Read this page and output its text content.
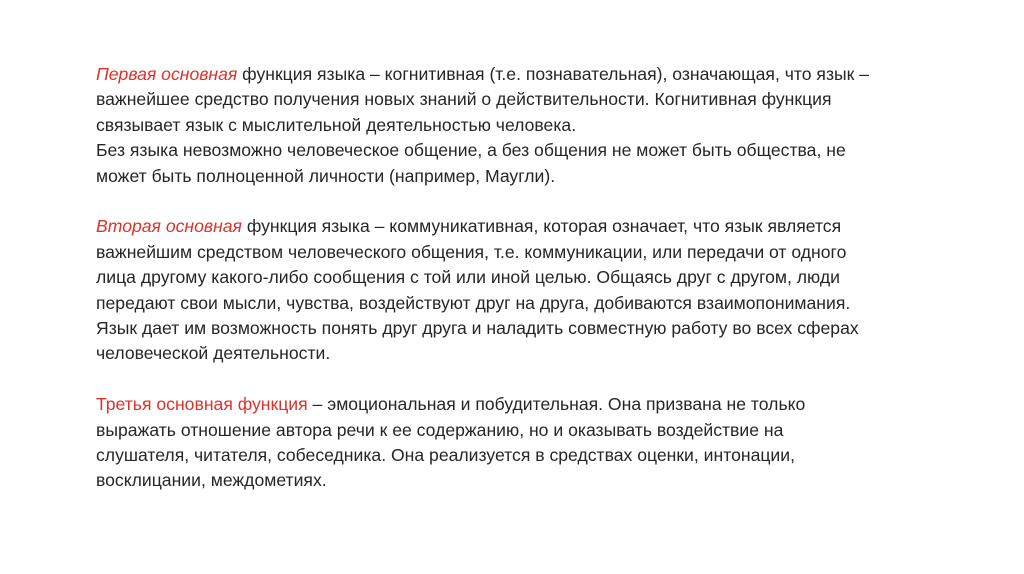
Первая основная функция языка – когнитивная (т.е. познавательная), означающая, что язык –
важнейшее средство получения новых знаний о действительности. Когнитивная функция
связывает язык с мыслительной деятельностью человека.
Без языка невозможно человеческое общение, а без общения не может быть общества, не
может быть полноценной личности (например, Маугли).
Вторая основная функция языка – коммуникативная, которая означает, что язык является
важнейшим средством человеческого общения, т.е. коммуникации, или передачи от одного
лица другому какого-либо сообщения с той или иной целью. Общаясь друг с другом, люди
передают свои мысли, чувства, воздействуют друг на друга, добиваются взаимопонимания.
Язык дает им возможность понять друг друга и наладить совместную работу во всех сферах
человеческой деятельности.
Третья основная функция – эмоциональная и побудительная. Она призвана не только
выражать отношение автора речи к ее содержанию, но и оказывать воздействие на
слушателя, читателя, собеседника. Она реализуется в средствах оценки, интонации,
восклицании, междометиях.
